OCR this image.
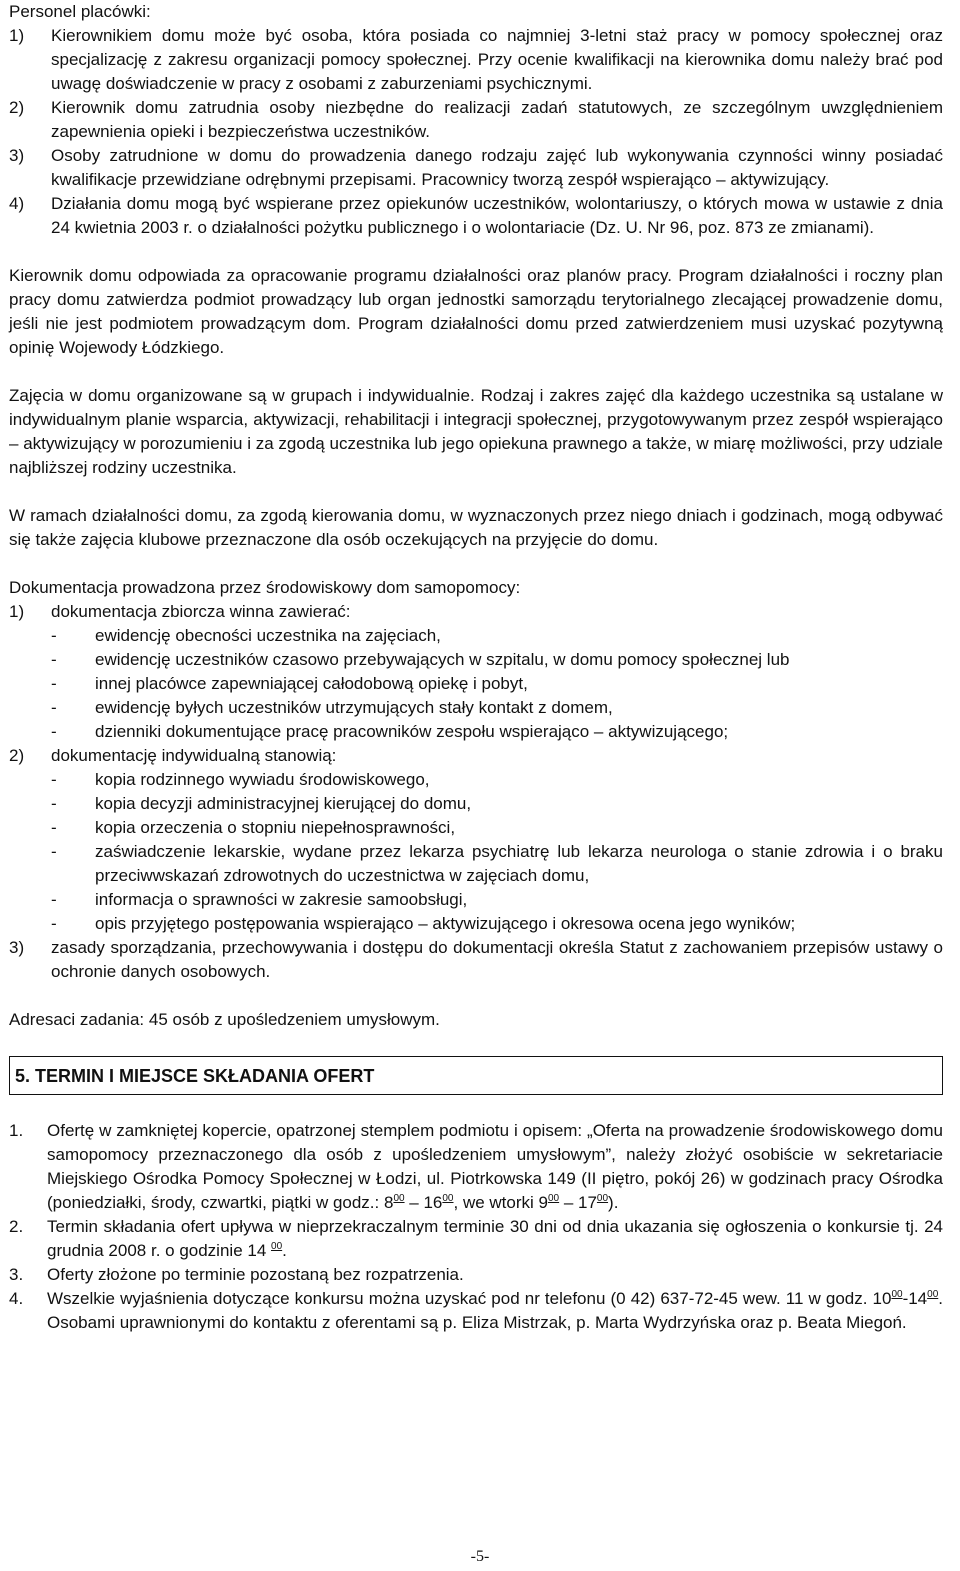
Personel placówki:

1)	Kierownikiem domu może być osoba, która posiada co najmniej 3-letni staż pracy w pomocy społecznej oraz specjalizację z zakresu organizacji pomocy społecznej. Przy ocenie kwalifikacji na kierownika domu należy brać pod uwagę doświadczenie w pracy z osobami z zaburzeniami psychicznymi.
2)	Kierownik domu zatrudnia osoby niezbędne do realizacji zadań statutowych, ze szczególnym uwzględnieniem zapewnienia opieki i bezpieczeństwa uczestników.
3)	Osoby zatrudnione w domu do prowadzenia danego rodzaju zajęć lub wykonywania czynności winny posiadać kwalifikacje przewidziane odrębnymi przepisami. Pracownicy tworzą zespół wspierająco – aktywizujący.
4)	Działania domu mogą być wspierane przez opiekunów uczestników, wolontariuszy, o których mowa w ustawie z dnia 24 kwietnia 2003 r. o działalności pożytku publicznego i o wolontariacie (Dz. U. Nr 96, poz. 873 ze zmianami).

Kierownik domu odpowiada za opracowanie programu działalności oraz planów pracy. Program działalności i roczny plan pracy domu zatwierdza podmiot prowadzący lub organ jednostki samorządu terytorialnego zlecającej prowadzenie domu, jeśli nie jest podmiotem prowadzącym dom. Program działalności domu przed zatwierdzeniem musi uzyskać pozytywną opinię Wojewody Łódzkiego.

Zajęcia w domu organizowane są w grupach i indywidualnie. Rodzaj i zakres zajęć dla każdego uczestnika są ustalane w indywidualnym planie wsparcia, aktywizacji, rehabilitacji i integracji społecznej, przygotowywanym przez zespół wspierająco – aktywizujący w porozumieniu i za zgodą uczestnika lub jego opiekuna prawnego a także, w miarę możliwości, przy udziale najbliższej rodziny uczestnika.

W ramach działalności domu, za zgodą kierowania domu, w wyznaczonych przez niego dniach i godzinach, mogą odbywać się także zajęcia klubowe przeznaczone dla osób oczekujących na przyjęcie do domu.

Dokumentacja prowadzona przez środowiskowy dom samopomocy:

1)	dokumentacja zbiorcza winna zawierać:
-	ewidencję obecności uczestnika na zajęciach,
-	ewidencję uczestników czasowo przebywających w szpitalu, w domu pomocy społecznej lub
-	innej placówce zapewniającej całodobową opiekę i pobyt,
-	ewidencję byłych uczestników utrzymujących stały kontakt z domem,
-	dzienniki dokumentujące pracę pracowników zespołu wspierająco – aktywizującego;
2)	dokumentację indywidualną stanowią:
-	kopia rodzinnego wywiadu środowiskowego,
-	kopia decyzji administracyjnej kierującej do domu,
-	kopia orzeczenia o stopniu niepełnosprawności,
-	zaświadczenie lekarskie, wydane przez lekarza psychiatrę lub lekarza neurologa o stanie zdrowia i o braku przeciwwskazań zdrowotnych do uczestnictwa w zajęciach domu,
-	informacja o sprawności w zakresie samoobsługi,
-	opis przyjętego postępowania wspierająco – aktywizującego i okresowa ocena jego wyników;
3)	zasady sporządzania, przechowywania i dostępu do dokumentacji określa Statut z zachowaniem przepisów ustawy o ochronie danych osobowych.

Adresaci zadania: 45 osób z upośledzeniem umysłowym.

5. TERMIN I MIEJSCE SKŁADANIA OFERT
1.	Ofertę w zamkniętej kopercie, opatrzonej stemplem podmiotu i opisem: „Oferta na prowadzenie środowiskowego domu samopomocy przeznaczonego dla osób z upośledzeniem umysłowym”, należy złożyć osobiście w sekretariacie Miejskiego Ośrodka Pomocy Społecznej w Łodzi, ul. Piotrkowska 149 (II piętro, pokój 26) w godzinach pracy Ośrodka (poniedziałki, środy, czwartki, piątki w godz.: $8^{00} - 16^{00}$, we wtorki $9^{00} - 17^{00}$).
2.	Termin składania ofert upływa w nieprzekraczalnym terminie 30 dni od dnia ukazania się ogłoszenia o konkursie tj. 24 grudnia 2008 r. o godzinie 14 $^{00}$.
3.	Oferty złożone po terminie pozostaną bez rozpatrzenia.
4.	Wszelkie wyjaśnienia dotyczące konkursu można uzyskać pod nr telefonu (0 42) 637-72-45 wew. 11 w godz. $10^{00}-14^{00}$. Osobami uprawnionymi do kontaktu z oferentami są p. Eliza Mistrzak, p. Marta Wydrzyńska oraz p. Beata Miegoń.
-5-
